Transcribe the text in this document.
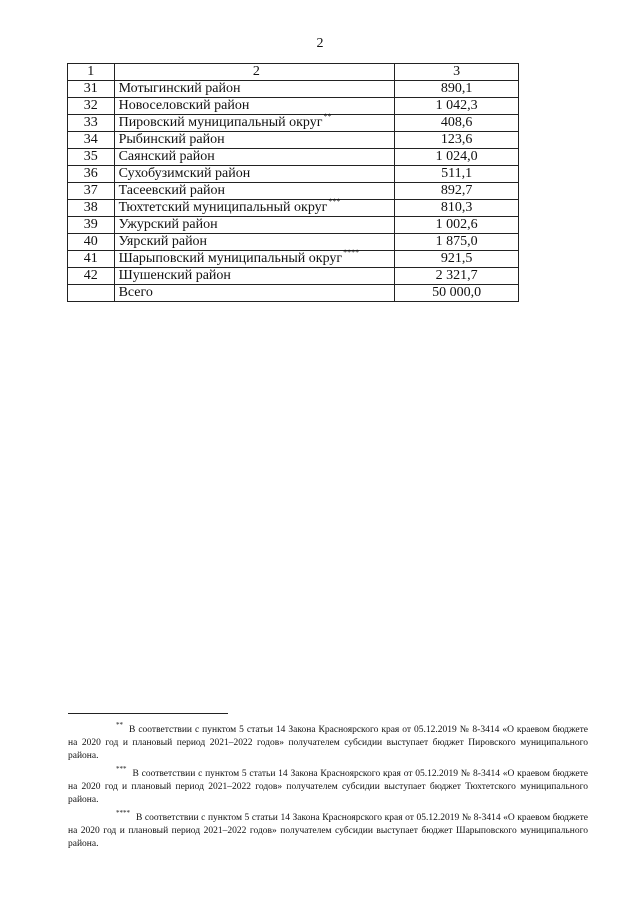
2
1	2	3
31	Мотыгинский район	890,1
32	Новоселовский район	1 042,3
33	Пировский муниципальный округ**	408,6
34	Рыбинский район	123,6
35	Саянский район	1 024,0
36	Сухобузимский район	511,1
37	Тасеевский район	892,7
38	Тюхтетский муниципальный округ***	810,3
39	Ужурский район	1 002,6
40	Уярский район	1 875,0
41	Шарыповский муниципальный округ****	921,5
42	Шушенский район	2 321,7
	Всего	50 000,0

** В соответствии с пунктом 5 статьи 14 Закона Красноярского края от 05.12.2019 № 8-3414 «О краевом бюджете на 2020 год и плановый период 2021–2022 годов» получателем субсидии выступает бюджет Пировского муниципального района.

*** В соответствии с пунктом 5 статьи 14 Закона Красноярского края от 05.12.2019 № 8-3414 «О краевом бюджете на 2020 год и плановый период 2021–2022 годов» получателем субсидии выступает бюджет Тюхтетского муниципального района.

**** В соответствии с пунктом 5 статьи 14 Закона Красноярского края от 05.12.2019 № 8-3414 «О краевом бюджете на 2020 год и плановый период 2021–2022 годов» получателем субсидии выступает бюджет Шарыповского муниципального района.
